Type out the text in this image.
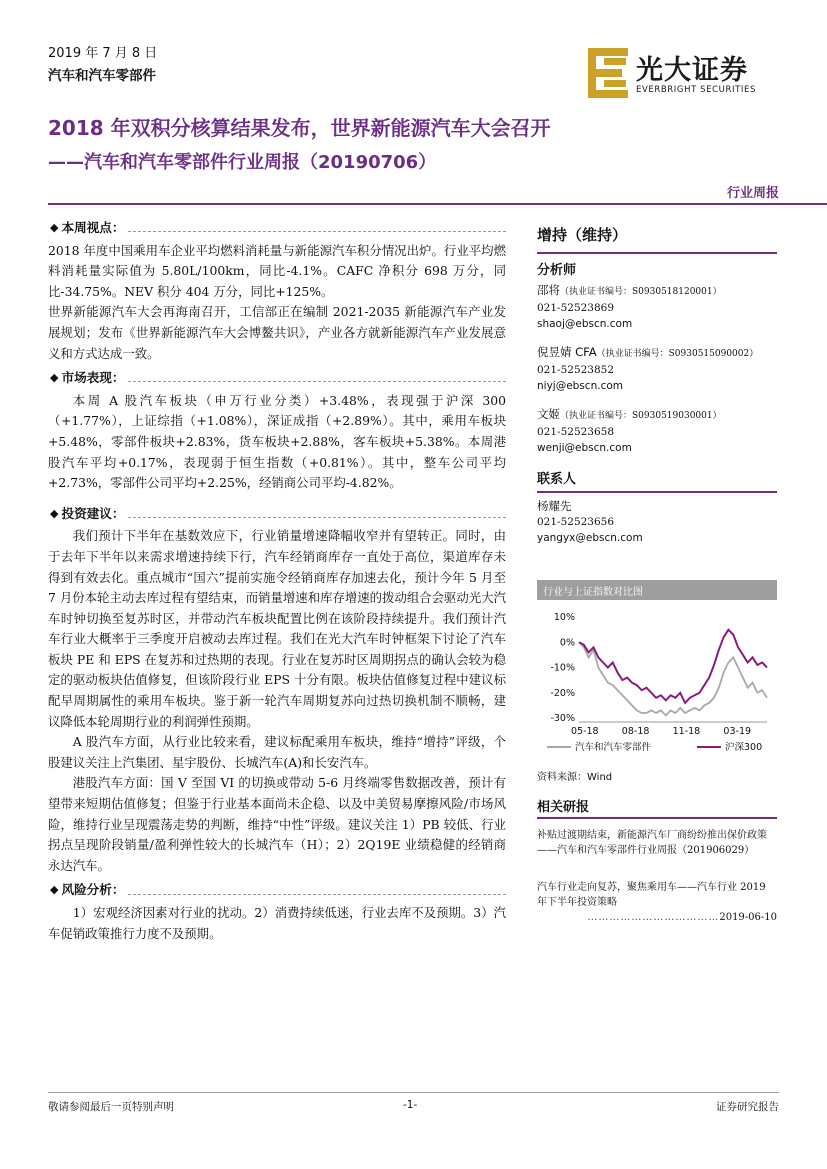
2019 年 7 月 8 日
汽车和汽车零部件	光大证券
EVERBRIGHT SECURITIES
2018 年双积分核算结果发布，世界新能源汽车大会召开
——汽车和汽车零部件行业周报（20190706）
行业周报
◆ 本周视点：

2018 年度中国乘用车企业平均燃料消耗量与新能源汽车积分情况出炉。行业平均燃料消耗量实际值为 5.80L/100km，同比-4.1%。CAFC 净积分 698 万分，同比-34.75%。NEV 积分 404 万分，同比+125%。

世界新能源汽车大会再海南召开，工信部正在编制 2021-2035 新能源汽车产业发展规划；发布《世界新能源汽车大会博鳌共识》，产业各方就新能源汽车产业发展意义和方式达成一致。

◆ 市场表现：

本周 A 股汽车板块（申万行业分类）+3.48%，表现强于沪深 300（+1.77%），上证综指（+1.08%），深证成指（+2.89%）。其中，乘用车板块+5.48%，零部件板块+2.83%，货车板块+2.88%，客车板块+5.38%。本周港股汽车平均+0.17%，表现弱于恒生指数（+0.81%）。其中，整车公司平均+2.73%，零部件公司平均+2.25%，经销商公司平均-4.82%。

◆ 投资建议：

我们预计下半年在基数效应下，行业销量增速降幅收窄并有望转正。同时，由于去年下半年以来需求增速持续下行，汽车经销商库存一直处于高位，渠道库存未得到有效去化。重点城市“国六”提前实施令经销商库存加速去化，预计今年 5 月至 7 月份本轮主动去库过程有望结束，而销量增速和库存增速的拨动组合会驱动光大汽车时钟切换至复苏时区，并带动汽车板块配置比例在该阶段持续提升。我们预计汽车行业大概率于三季度开启被动去库过程。我们在光大汽车时钟框架下讨论了汽车板块 PE 和 EPS 在复苏和过热期的表现。行业在复苏时区周期拐点的确认会较为稳定的驱动板块估值修复，但该阶段行业 EPS 十分有限。板块估值修复过程中建议标配早周期属性的乘用车板块。鉴于新一轮汽车周期复苏向过热切换机制不顺畅，建议降低本轮周期行业的利润弹性预期。

A 股汽车方面，从行业比较来看，建议标配乘用车板块，维持“增持”评级，个股建议关注上汽集团、星宇股份、长城汽车(A)和长安汽车。

港股汽车方面：国 V 至国 VI 的切换或带动 5-6 月终端零售数据改善，预计有望带来短期估值修复；但鉴于行业基本面尚未企稳、以及中美贸易摩擦风险/市场风险，维持行业呈现震荡走势的判断，维持“中性”评级。建议关注 1）PB 较低、行业拐点呈现阶段销量/盈利弹性较大的长城汽车（H）；2）2Q19E 业绩稳健的经销商永达汽车。

◆ 风险分析：

1）宏观经济因素对行业的扰动。2）消费持续低迷，行业去库不及预期。3）汽车促销政策推行力度不及预期。

增持（维持）
分析师
邵将（执业证书编号：S0930518120001）
021-52523869
shaoj@ebscn.com
倪昱婧 CFA（执业证书编号：S0930515090002）
021-52523852
niyj@ebscn.com
文姬（执业证书编号：S0930519030001）
021-52523658
wenji@ebscn.com
联系人
杨耀先
021-52523656
yangyx@ebscn.com
行业与上证指数对比图
10%
0%
-10%
-20%
-30%
05-18 08-18 11-18 03-19
汽车和汽车零部件	沪深300
资料来源：Wind
相关研报
补贴过渡期结束，新能源汽车厂商纷纷推出保价政策——汽车和汽车零部件行业周报（201906029）
汽车行业走向复苏，聚焦乘用车——汽车行业 2019 年下半年投资策略
………………………………2019-06-10
敬请参阅最后一页特别声明	-1-	证券研究报告
